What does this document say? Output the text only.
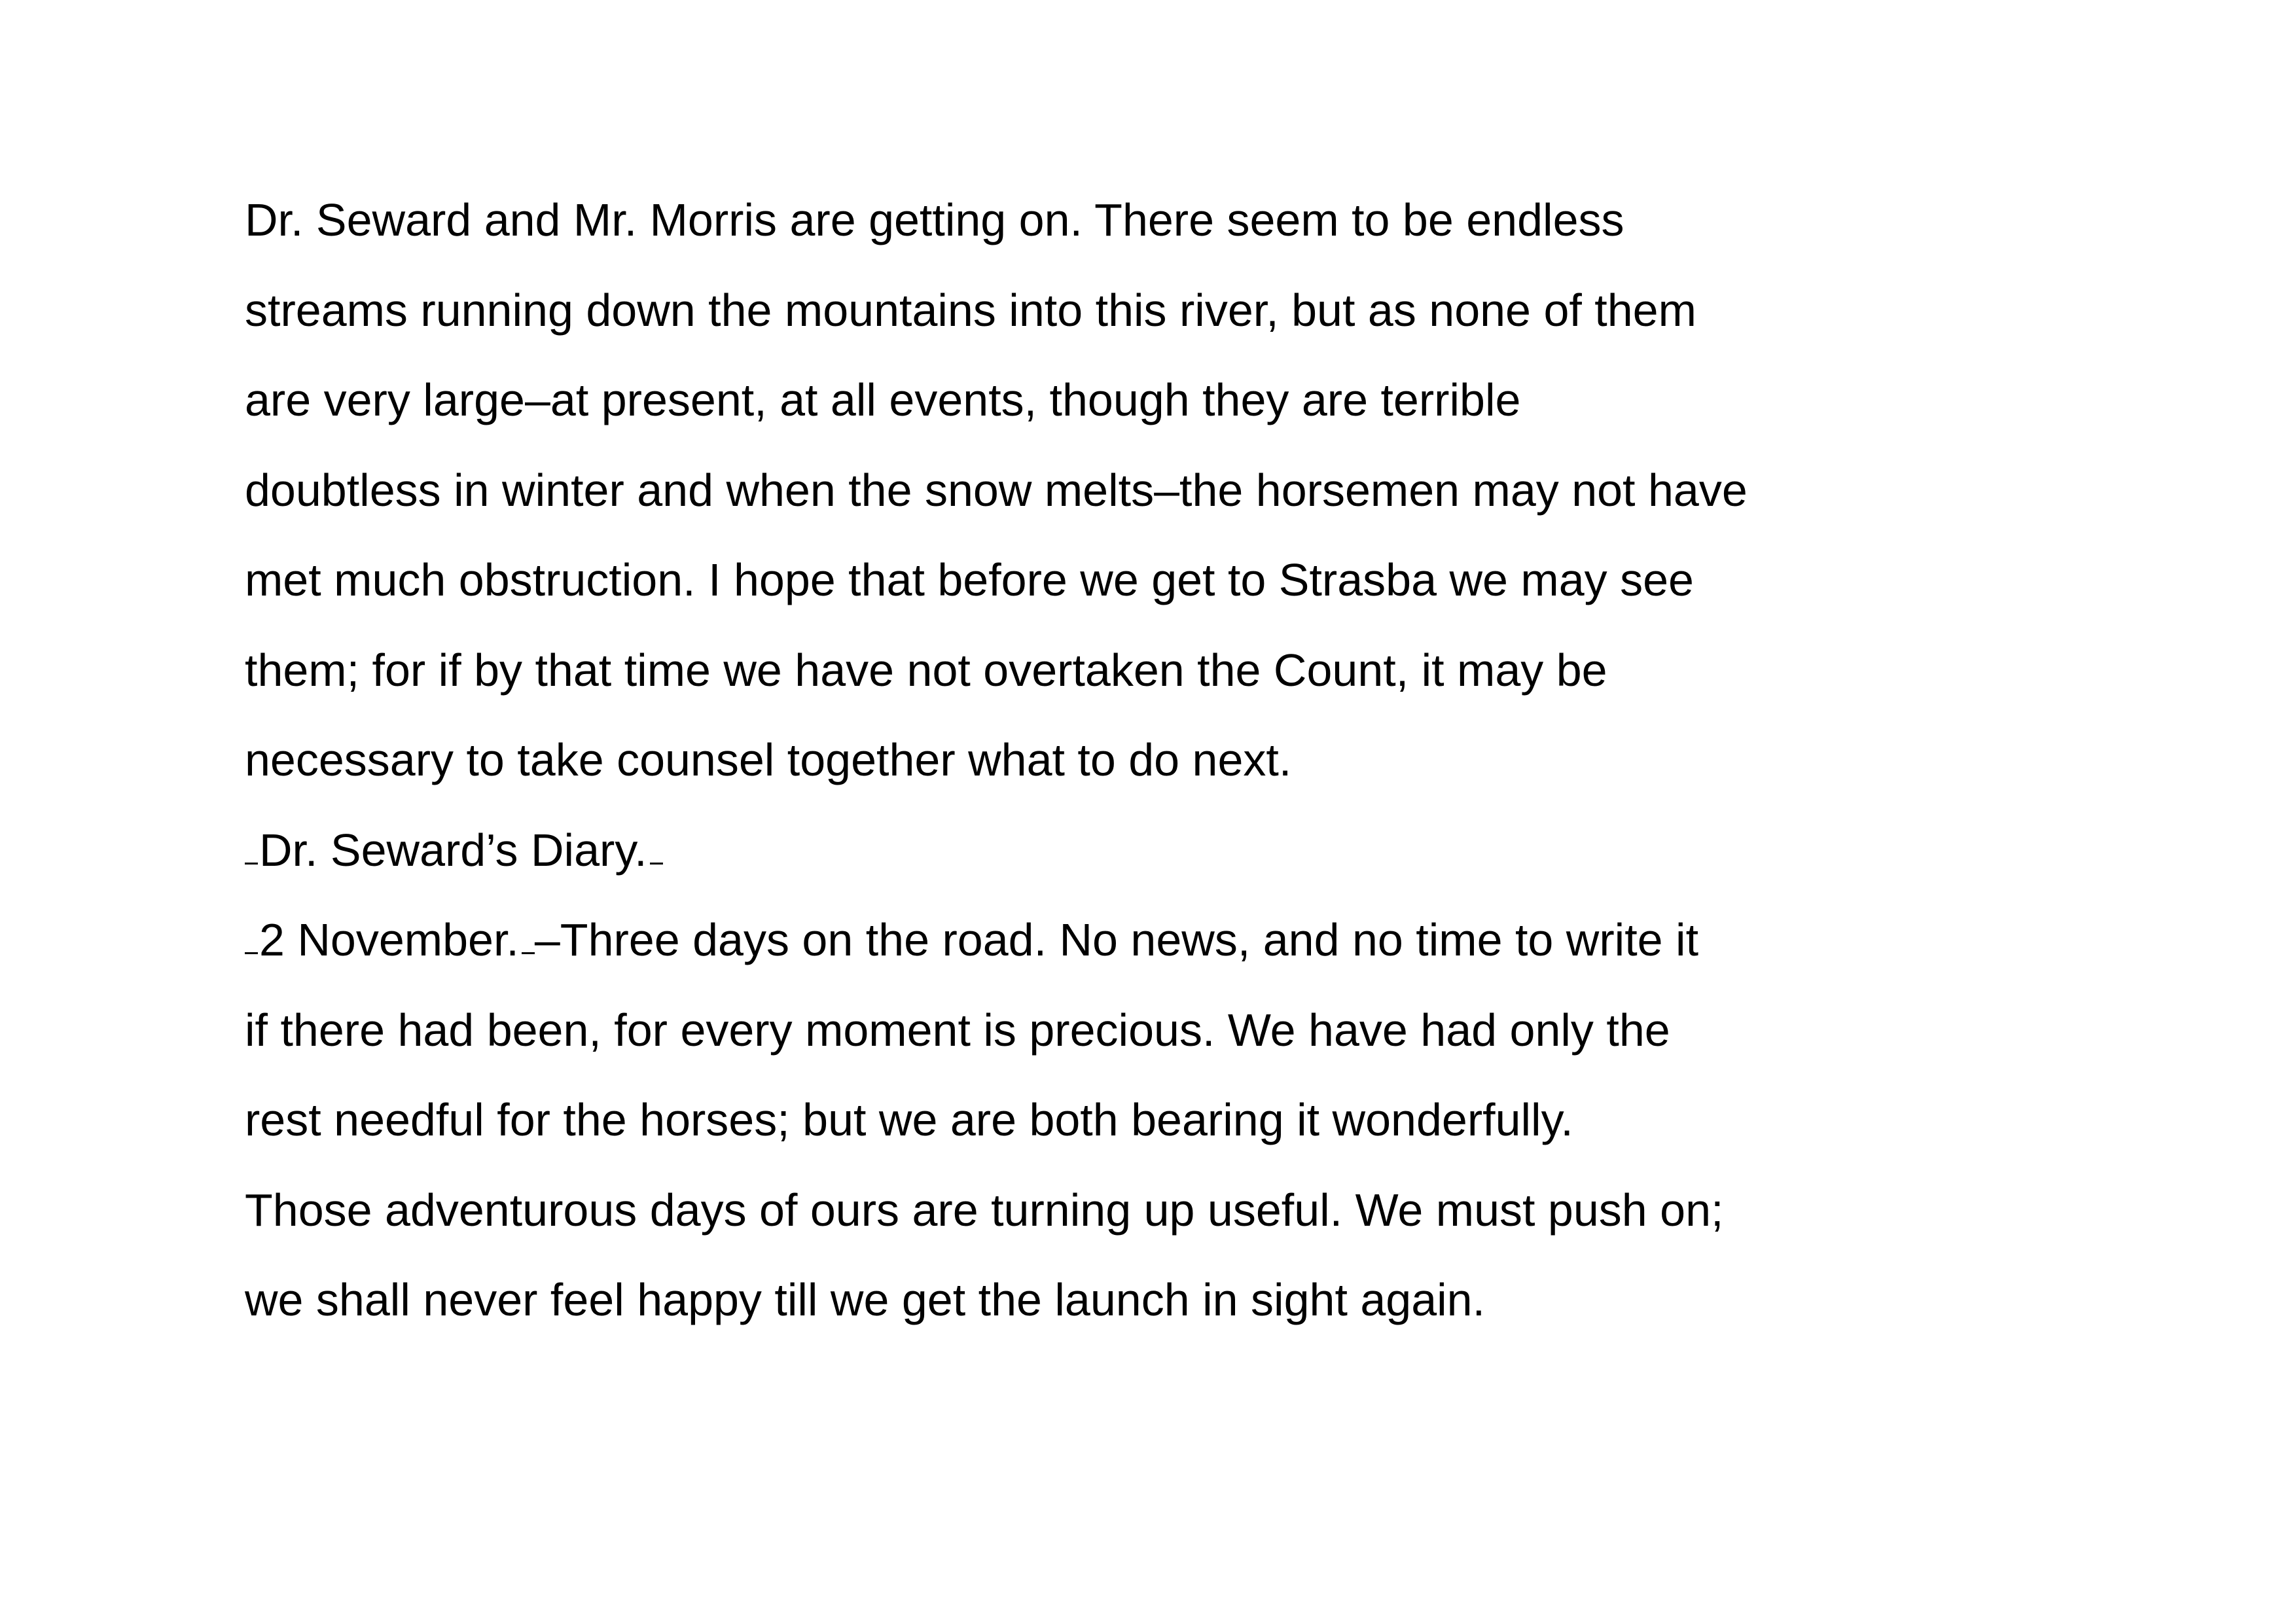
Dr. Seward and Mr. Morris are getting on. There seem to be endless
streams running down the mountains into this river, but as none of them
are very large–at present, at all events, though they are terrible
doubtless in winter and when the snow melts–the horsemen may not have
met much obstruction. I hope that before we get to Strasba we may see
them; for if by that time we have not overtaken the Count, it may be
necessary to take counsel together what to do next.
Dr. Seward’s Diary.
2 November. –Three days on the road. No news, and no time to write it
if there had been, for every moment is precious. We have had only the
rest needful for the horses; but we are both bearing it wonderfully.
Those adventurous days of ours are turning up useful. We must push on;
we shall never feel happy till we get the launch in sight again.
